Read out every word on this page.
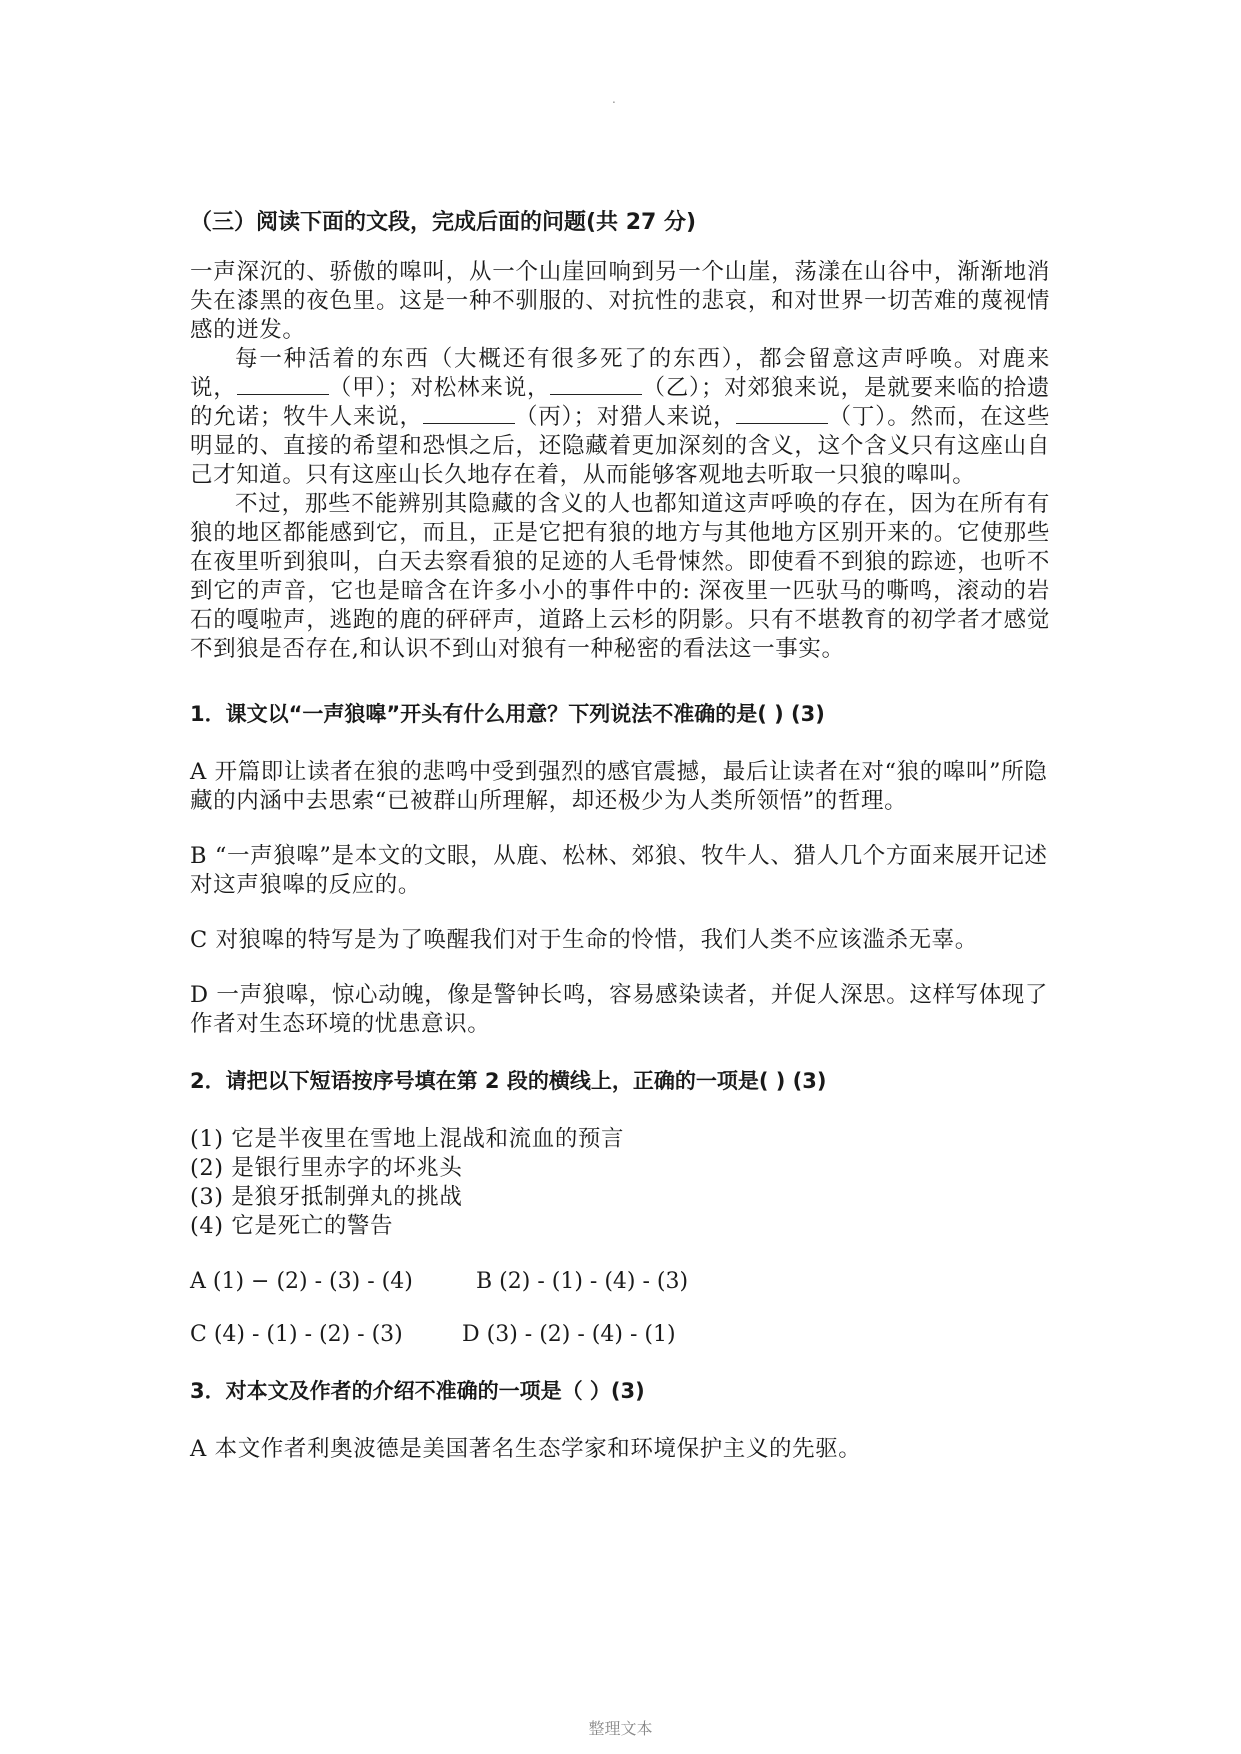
.
（三）阅读下面的文段，完成后面的问题(共 27 分)

一声深沉的、骄傲的嗥叫，从一个山崖回响到另一个山崖，荡漾在山谷中，渐渐地消失在漆黑的夜色里。这是一种不驯服的、对抗性的悲哀，和对世界一切苦难的蔑视情感的迸发。

每一种活着的东西（大概还有很多死了的东西），都会留意这声呼唤。对鹿来说，	（甲）；对松林来说，	（乙）；对郊狼来说，是就要来临的拾遗的允诺；牧牛人来说，	（丙）；对猎人来说，	（丁）。然而，在这些明显的、直接的希望和恐惧之后，还隐藏着更加深刻的含义，这个含义只有这座山自己才知道。只有这座山长久地存在着，从而能够客观地去听取一只狼的嗥叫。

不过，那些不能辨别其隐藏的含义的人也都知道这声呼唤的存在，因为在所有有狼的地区都能感到它，而且，正是它把有狼的地方与其他地方区别开来的。它使那些在夜里听到狼叫，白天去察看狼的足迹的人毛骨悚然。即使看不到狼的踪迹，也听不到它的声音，它也是暗含在许多小小的事件中的: 深夜里一匹驮马的嘶鸣，滚动的岩石的嘎啦声，逃跑的鹿的砰砰声，道路上云杉的阴影。只有不堪教育的初学者才感觉不到狼是否存在,和认识不到山对狼有一种秘密的看法这一事实。

1．课文以“一声狼嗥”开头有什么用意？下列说法不准确的是( ) (3)

A 开篇即让读者在狼的悲鸣中受到强烈的感官震撼，最后让读者在对“狼的嗥叫”所隐藏的内涵中去思索“已被群山所理解，却还极少为人类所领悟”的哲理。

B “一声狼嗥”是本文的文眼，从鹿、松林、郊狼、牧牛人、猎人几个方面来展开记述对这声狼嗥的反应的。

C 对狼嗥的特写是为了唤醒我们对于生命的怜惜，我们人类不应该滥杀无辜。

D 一声狼嗥，惊心动魄，像是警钟长鸣，容易感染读者，并促人深思。这样写体现了作者对生态环境的忧患意识。

2．请把以下短语按序号填在第 2 段的横线上，正确的一项是( ) (3)
(1) 它是半夜里在雪地上混战和流血的预言
(2) 是银行里赤字的坏兆头
(3) 是狼牙抵制弹丸的挑战
(4) 它是死亡的警告
A (1) − (2) - (3) - (4)	B (2) - (1) - (4) - (3)
C (4) - (1) - (2) - (3)	D (3) - (2) - (4) - (1)
3．对本文及作者的介绍不准确的一项是（ ）(3)

A 本文作者利奥波德是美国著名生态学家和环境保护主义的先驱。

整理文本
